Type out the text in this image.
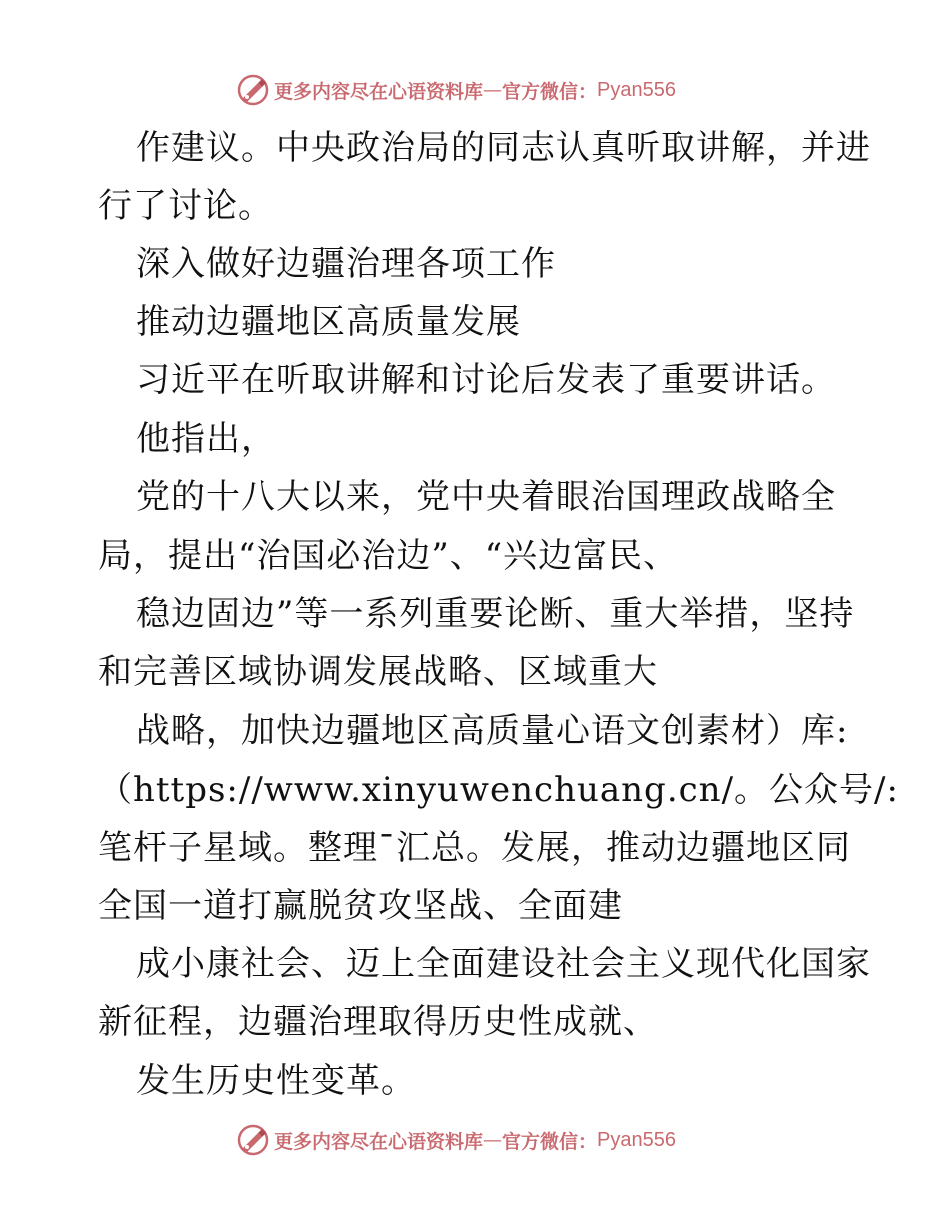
更多内容尽在心语资料库 — 官方微信： Pyan556
作建议。中央政治局的同志认真听取讲解，并进
行了讨论。
深入做好边疆治理各项工作
推动边疆地区高质量发展
习近平在听取讲解和讨论后发表了重要讲话。
他指出，
党的十八大以来，党中央着眼治国理政战略全
局，提出“治国必治边”、“兴边富民、
稳边固边”等一系列重要论断、重大举措，坚持
和完善区域协调发展战略、区域重大
战略，加快边疆地区高质量心语文创素材）库:
（https://www.xinyuwenchuang.cn/。公众号/:
笔杆子星域。整理¯汇总。发展，推动边疆地区同
全国一道打赢脱贫攻坚战、全面建
成小康社会、迈上全面建设社会主义现代化国家
新征程，边疆治理取得历史性成就、
发生历史性变革。
更多内容尽在心语资料库 — 官方微信： Pyan556
